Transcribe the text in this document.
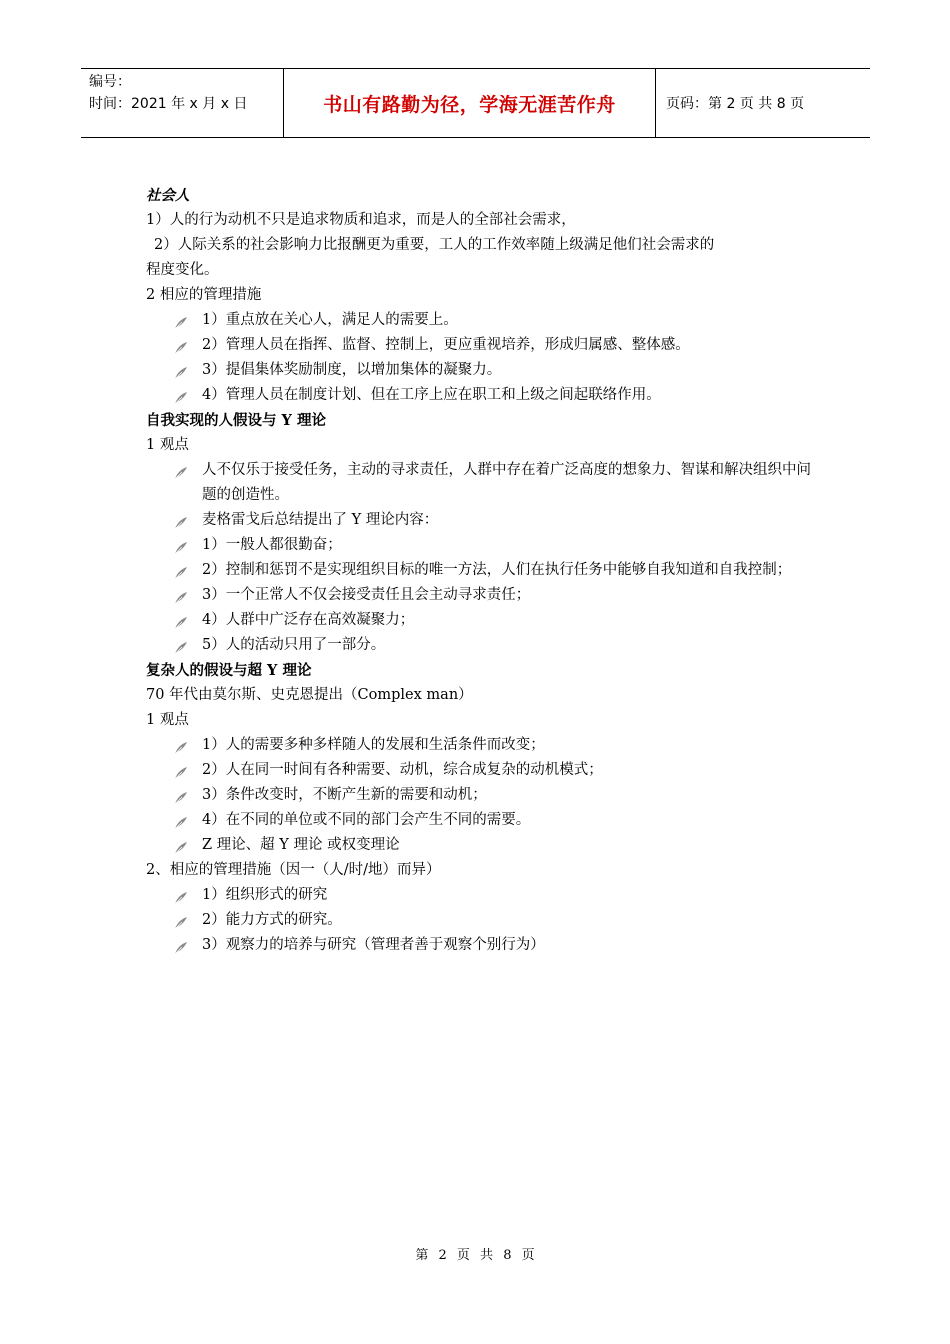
编号：
时间：2021 年 x 月 x 日	书山有路勤为径，学海无涯苦作舟	页码：第 2 页 共 8 页

社会人

1）人的行为动机不只是追求物质和追求，而是人的全部社会需求，

2）人际关系的社会影响力比报酬更为重要，工人的工作效率随上级满足他们社会需求的

程度变化。

2 相应的管理措施

1）重点放在关心人，满足人的需要上。
2）管理人员在指挥、监督、控制上，更应重视培养，形成归属感、整体感。
3）提倡集体奖励制度，以增加集体的凝聚力。
4）管理人员在制度计划、但在工序上应在职工和上级之间起联络作用。

自我实现的人假设与 Y 理论

1 观点

人不仅乐于接受任务，主动的寻求责任，人群中存在着广泛高度的想象力、智谋和解决组织中问题的创造性。
麦格雷戈后总结提出了 Y 理论内容：
1）一般人都很勤奋；
2）控制和惩罚不是实现组织目标的唯一方法，人们在执行任务中能够自我知道和自我控制；
3）一个正常人不仅会接受责任且会主动寻求责任；
4）人群中广泛存在高效凝聚力；
5）人的活动只用了一部分。

复杂人的假设与超 Y 理论

70 年代由莫尔斯、史克恩提出（Complex man）

1 观点

1）人的需要多种多样随人的发展和生活条件而改变；
2）人在同一时间有各种需要、动机，综合成复杂的动机模式；
3）条件改变时，不断产生新的需要和动机；
4）在不同的单位或不同的部门会产生不同的需要。
Z 理论、超 Y 理论 或权变理论

2、相应的管理措施（因一（人/时/地）而异）

1）组织形式的研究
2）能力方式的研究。
3）观察力的培养与研究（管理者善于观察个别行为）
第 2 页 共 8 页
